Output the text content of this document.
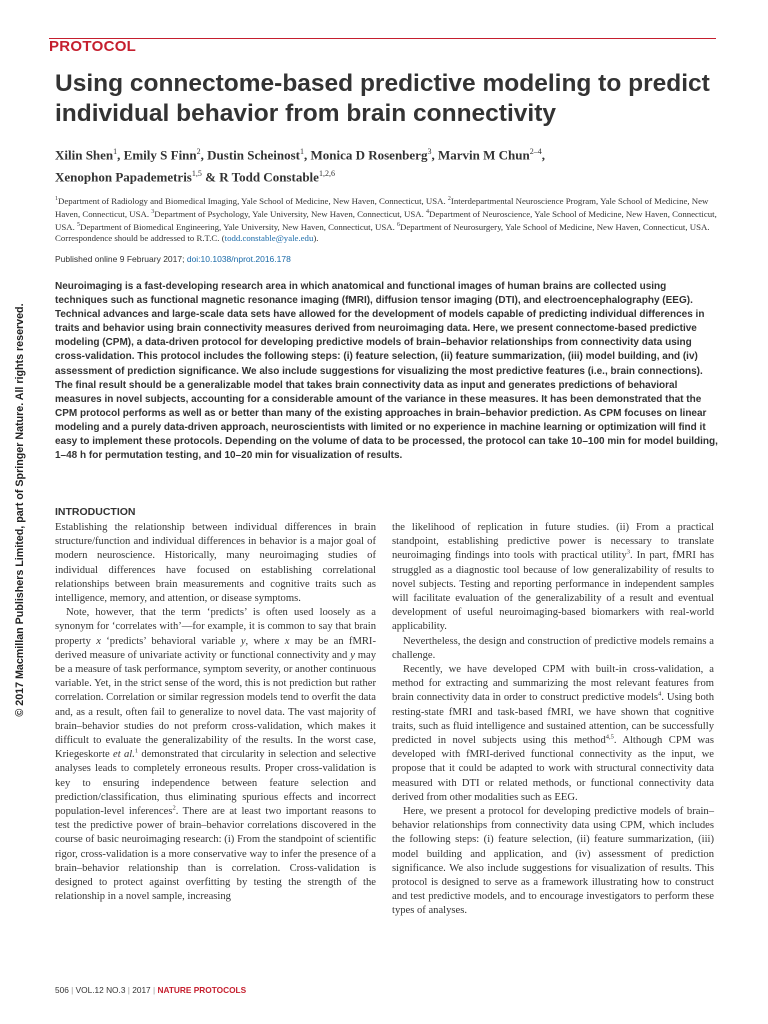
PROTOCOL
Using connectome-based predictive modeling to predict individual behavior from brain connectivity
Xilin Shen$^1$, Emily S Finn$^2$, Dustin Scheinost$^1$, Monica D Rosenberg$^3$, Marvin M Chun$^{2-4}$,
Xenophon Papademetris$^{1,5}$ & R Todd Constable$^{1,2,6}$
$^1$Department of Radiology and Biomedical Imaging, Yale School of Medicine, New Haven, Connecticut, USA. $^2$Interdepartmental Neuroscience Program, Yale School of Medicine, New Haven, Connecticut, USA. $^3$Department of Psychology, Yale University, New Haven, Connecticut, USA. $^4$Department of Neuroscience, Yale School of Medicine, New Haven, Connecticut, USA. $^5$Department of Biomedical Engineering, Yale University, New Haven, Connecticut, USA. $^6$Department of Neurosurgery, Yale School of Medicine, New Haven, Connecticut, USA. Correspondence should be addressed to R.T.C. (todd.constable@yale.edu).
Published online 9 February 2017; doi:10.1038/nprot.2016.178

Neuroimaging is a fast-developing research area in which anatomical and functional images of human brains are collected using techniques such as functional magnetic resonance imaging (fMRI), diffusion tensor imaging (DTI), and electroencephalography (EEG). Technical advances and large-scale data sets have allowed for the development of models capable of predicting individual differences in traits and behavior using brain connectivity measures derived from neuroimaging data. Here, we present connectome-based predictive modeling (CPM), a data-driven protocol for developing predictive models of brain–behavior relationships from connectivity data using cross-validation. This protocol includes the following steps: (i) feature selection, (ii) feature summarization, (iii) model building, and (iv) assessment of prediction significance. We also include suggestions for visualizing the most predictive features (i.e., brain connections). The final result should be a generalizable model that takes brain connectivity data as input and generates predictions of behavioral measures in novel subjects, accounting for a considerable amount of the variance in these measures. It has been demonstrated that the CPM protocol performs as well as or better than many of the existing approaches in brain–behavior prediction. As CPM focuses on linear modeling and a purely data-driven approach, neuroscientists with limited or no experience in machine learning or optimization will find it easy to implement these protocols. Depending on the volume of data to be processed, the protocol can take 10–100 min for model building, 1–48 h for permutation testing, and 10–20 min for visualization of results.

© 2017 Macmillan Publishers Limited, part of Springer Nature. All rights reserved.	INTRODUCTION

Establishing the relationship between individual differences in brain structure/function and individual differences in behavior is a major goal of modern neuroscience. Historically, many neuroimaging studies of individual differences have focused on establishing correlational relationships between brain measurements and cognitive traits such as intelligence, memory, and attention, or disease symptoms.

Note, however, that the term ‘predicts’ is often used loosely as a synonym for ‘correlates with’—for example, it is common to say that brain property x ‘predicts’ behavioral variable y, where x may be an fMRI-derived measure of univariate activity or functional connectivity and y may be a measure of task performance, symptom severity, or another continuous variable. Yet, in the strict sense of the word, this is not prediction but rather correlation. Correlation or similar regression models tend to overfit the data and, as a result, often fail to generalize to novel data. The vast majority of brain–behavior studies do not preform cross-validation, which makes it difficult to evaluate the generalizability of the results. In the worst case, Kriegeskorte et al.$^1$ demonstrated that circularity in selection and selective analyses leads to completely erroneous results. Proper cross-validation is key to ensuring independence between feature selection and prediction/classification, thus eliminating spurious effects and incorrect population-level inferences$^2$. There are at least two important reasons to test the predictive power of brain–behavior correlations discovered in the course of basic neuroimaging research: (i) From the standpoint of scientific rigor, cross-validation is a more conservative way to infer the presence of a brain–behavior relationship than is correlation. Cross-validation is designed to protect against overfitting by testing the strength of the relationship in a novel sample, increasing

the likelihood of replication in future studies. (ii) From a practical standpoint, establishing predictive power is necessary to translate neuroimaging findings into tools with practical utility$^3$. In part, fMRI has struggled as a diagnostic tool because of low generalizability of results to novel subjects. Testing and reporting performance in independent samples will facilitate evaluation of the generalizability of a result and eventual development of useful neuroimaging-based biomarkers with real-world applicability.

Nevertheless, the design and construction of predictive models remains a challenge.

Recently, we have developed CPM with built-in cross-validation, a method for extracting and summarizing the most relevant features from brain connectivity data in order to construct predictive models$^4$. Using both resting-state fMRI and task-based fMRI, we have shown that cognitive traits, such as fluid intelligence and sustained attention, can be successfully predicted in novel subjects using this method$^{4,5}$. Although CPM was developed with fMRI-derived functional connectivity as the input, we propose that it could be adapted to work with structural connectivity data measured with DTI or related methods, or functional connectivity data derived from other modalities such as EEG.

Here, we present a protocol for developing predictive models of brain–behavior relationships from connectivity data using CPM, which includes the following steps: (i) feature selection, (ii) feature summarization, (iii) model building and application, and (iv) assessment of prediction significance. We also include suggestions for visualization of results. This protocol is designed to serve as a framework illustrating how to construct and test predictive models, and to encourage investigators to perform these types of analyses.

506 | VOL.12 NO.3 | 2017 | NATURE PROTOCOLS
